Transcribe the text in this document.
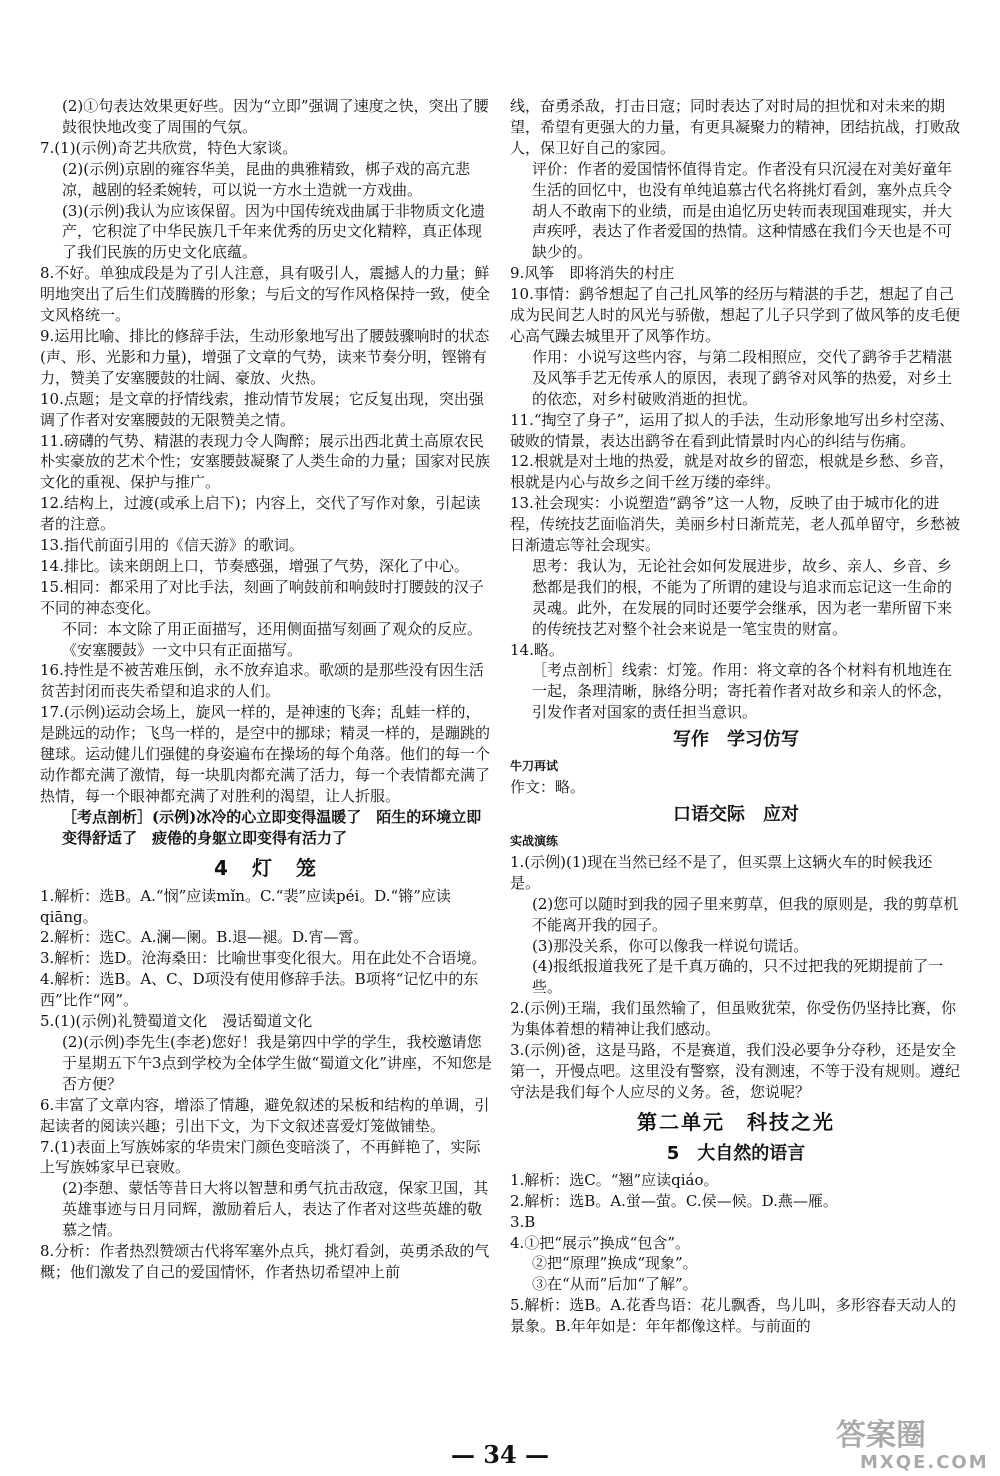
(2)①句表达效果更好些。因为“立即”强调了速度之快，突出了腰鼓很快地改变了周围的气氛。

7.(1)(示例)奇艺共欣赏，特色大家谈。

(2)(示例)京剧的雍容华美，昆曲的典雅精致，梆子戏的高亢悲凉，越剧的轻柔婉转，可以说一方水土造就一方戏曲。

(3)(示例)我认为应该保留。因为中国传统戏曲属于非物质文化遗产，它积淀了中华民族几千年来优秀的历史文化精粹，真正体现了我们民族的历史文化底蕴。

8.不好。单独成段是为了引人注意，具有吸引人，震撼人的力量；鲜明地突出了后生们茂腾腾的形象；与后文的写作风格保持一致，使全文风格统一。

9.运用比喻、排比的修辞手法，生动形象地写出了腰鼓骤响时的状态(声、形、光影和力量)，增强了文章的气势，读来节奏分明，铿锵有力，赞美了安塞腰鼓的壮阔、豪放、火热。

10.点题；是文章的抒情线索，推动情节发展；它反复出现，突出强调了作者对安塞腰鼓的无限赞美之情。

11.磅礴的气势、精湛的表现力令人陶醉；展示出西北黄土高原农民朴实豪放的艺术个性；安塞腰鼓凝聚了人类生命的力量；国家对民族文化的重视、保护与推广。

12.结构上，过渡(或承上启下)；内容上，交代了写作对象，引起读者的注意。

13.指代前面引用的《信天游》的歌词。

14.排比。读来朗朗上口，节奏感强，增强了气势，深化了中心。

15.相同：都采用了对比手法，刻画了响鼓前和响鼓时打腰鼓的汉子不同的神态变化。

不同：本文除了用正面描写，还用侧面描写刻画了观众的反应。《安塞腰鼓》一文中只有正面描写。

16.持性是不被苦难压倒，永不放弃追求。歌颂的是那些没有因生活贫苦封闭而丧失希望和追求的人们。

17.(示例)运动会场上，旋风一样的，是神速的飞奔；乱蛙一样的，是跳远的动作；飞鸟一样的，是空中的挪球；精灵一样的，是蹦跳的毽球。运动健儿们强健的身姿遍布在操场的每个角落。他们的每一个动作都充满了激情，每一块肌肉都充满了活力，每一个表情都充满了热情，每一个眼神都充满了对胜利的渴望，让人折服。

［考点剖析］(示例)冰冷的心立即变得温暖了　陌生的环境立即变得舒适了　疲倦的身躯立即变得有活力了

4　灯　笼

1.解析：选B。A.“悯”应读mǐn。C.“裴”应读péi。D.“锵”应读qiāng。

2.解析：选C。A.澜—阑。B.退—褪。D.宵—霄。

3.解析：选D。沧海桑田：比喻世事变化很大。用在此处不合语境。

4.解析：选B。A、C、D项没有使用修辞手法。B项将“记忆中的东西”比作“网”。

5.(1)(示例)礼赞蜀道文化　漫话蜀道文化

(2)(示例)李先生(李老)您好！我是第四中学的学生，我校邀请您于星期五下午3点到学校为全体学生做“蜀道文化”讲座，不知您是否方便？

6.丰富了文章内容，增添了情趣，避免叙述的呆板和结构的单调，引起读者的阅读兴趣；引出下文，为下文叙述喜爱灯笼做铺垫。

7.(1)表面上写族姊家的华贵宋门颜色变暗淡了，不再鲜艳了，实际上写族姊家早已衰败。

(2)李憩、蒙恬等昔日大将以智慧和勇气抗击敌寇，保家卫国，其英雄事迹与日月同辉，激励着后人，表达了作者对这些英雄的敬慕之情。

8.分析：作者热烈赞颂古代将军塞外点兵，挑灯看剑，英勇杀敌的气概；他们激发了自己的爱国情怀，作者热切希望冲上前

线，奋勇杀敌，打击日寇；同时表达了对时局的担忧和对未来的期望，希望有更强大的力量，有更具凝聚力的精神，团结抗战，打败敌人，保卫好自己的家园。

评价：作者的爱国情怀值得肯定。作者没有只沉浸在对美好童年生活的回忆中，也没有单纯追慕古代名将挑灯看剑，塞外点兵令胡人不敢南下的业绩，而是由追忆历史转而表现国难现实，并大声疾呼，表达了作者爱国的热情。这种情感在我们今天也是不可缺少的。

9.风筝　即将消失的村庄

10.事情：鹞爷想起了自己扎风筝的经历与精湛的手艺，想起了自己成为民间艺人时的风光与骄傲，想起了儿子只学到了做风筝的皮毛便心高气躁去城里开了风筝作坊。

作用：小说写这些内容，与第二段相照应，交代了鹞爷手艺精湛及风筝手艺无传承人的原因，表现了鹞爷对风筝的热爱，对乡土的依恋，对乡村破败消逝的担忧。

11.“掏空了身子”，运用了拟人的手法，生动形象地写出乡村空荡、破败的情景，表达出鹞爷在看到此情景时内心的纠结与伤痛。

12.根就是对土地的热爱，就是对故乡的留恋，根就是乡愁、乡音，根就是内心与故乡之间千丝万缕的牵绊。

13.社会现实：小说塑造“鹞爷”这一人物，反映了由于城市化的进程，传统技艺面临消失，美丽乡村日渐荒芜，老人孤单留守，乡愁被日渐遗忘等社会现实。

思考：我认为，无论社会如何发展进步，故乡、亲人、乡音、乡愁都是我们的根，不能为了所谓的建设与追求而忘记这一生命的灵魂。此外，在发展的同时还要学会继承，因为老一辈所留下来的传统技艺对整个社会来说是一笔宝贵的财富。

14.略。

［考点剖析］线索：灯笼。作用：将文章的各个材料有机地连在一起，条理清晰，脉络分明；寄托着作者对故乡和亲人的怀念，引发作者对国家的责任担当意识。

写作　学习仿写
牛刀再试

作文：略。

口语交际　应对
实战演练

1.(示例)(1)现在当然已经不是了，但买票上这辆火车的时候我还是。

(2)您可以随时到我的园子里来剪草，但我的原则是，我的剪草机不能离开我的园子。

(3)那没关系，你可以像我一样说句谎话。

(4)报纸报道我死了是千真万确的，只不过把我的死期提前了一些。

2.(示例)王瑞，我们虽然输了，但虽败犹荣，你受伤仍坚持比赛，你为集体着想的精神让我们感动。

3.(示例)爸，这是马路，不是赛道，我们没必要争分夺秒，还是安全第一，开慢点吧。这里没有警察，没有测速，不等于没有规则。遵纪守法是我们每个人应尽的义务。爸，您说呢？

第二单元　科技之光
5　大自然的语言

1.解析：选C。“翘”应读qiáo。

2.解析：选B。A.蛍—萤。C.侯—候。D.燕—雁。

3.B

4.①把“展示”换成“包含”。

②把“原理”换成“现象”。

③在“从而”后加“了解”。

5.解析：选B。A.花香鸟语：花儿飘香，鸟儿叫，多形容春天动人的景象。B.年年如是：年年都像这样。与前面的

— 34 —
答案圈
MXQE.COM
